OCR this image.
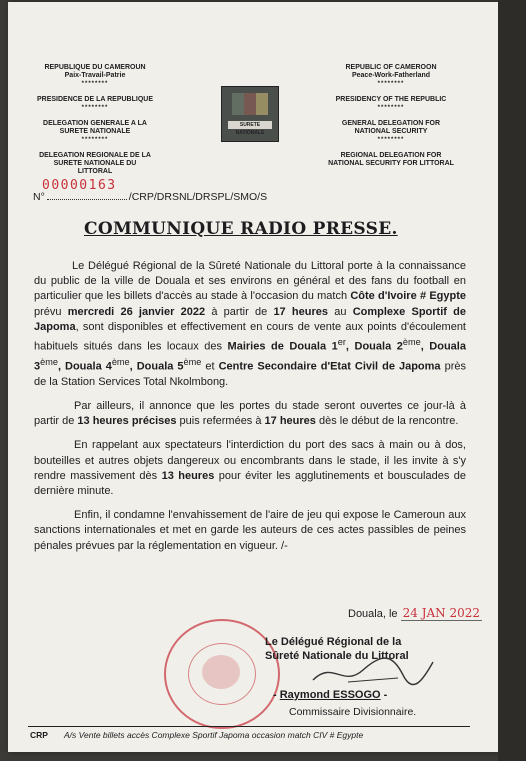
REPUBLIQUE DU CAMEROUN
Paix-Travail-Patrie
********

PRESIDENCE DE LA REPUBLIQUE
********

DELEGATION GENERALE A LA SURETE NATIONALE
********

DELEGATION REGIONALE DE LA SURETE NATIONALE DU LITTORAL

SURETE NATIONALE

REPUBLIC OF CAMEROON
Peace-Work-Fatherland
********

PRESIDENCY OF THE REPUBLIC
********

GENERAL DELEGATION FOR NATIONAL SECURITY
********

REGIONAL DELEGATION FOR NATIONAL SECURITY FOR LITTORAL

00000163
N°	/CRP/DRSNL/DRSPL/SMO/S
COMMUNIQUE RADIO PRESSE.

Le Délégué Régional de la Sûreté Nationale du Littoral porte à la connaissance du public de la ville de Douala et ses environs en général et des fans du football en particulier que les billets d'accès au stade à l'occasion du match Côte d'Ivoire # Egypte prévu mercredi 26 janvier 2022 à partir de 17 heures au Complexe Sportif de Japoma, sont disponibles et effectivement en cours de vente aux points d'écoulement habituels situés dans les locaux des Mairies de Douala 1er, Douala 2ème, Douala 3ème, Douala 4ème, Douala 5ème et Centre Secondaire d'Etat Civil de Japoma près de la Station Services Total Nkolmbong.

Par ailleurs, il annonce que les portes du stade seront ouvertes ce jour-là à partir de 13 heures précises puis refermées à 17 heures dès le début de la rencontre.

En rappelant aux spectateurs l'interdiction du port des sacs à main ou à dos, bouteilles et autres objets dangereux ou encombrants dans le stade, il les invite à s'y rendre massivement dès 13 heures pour éviter les agglutinements et bousculades de dernière minute.

Enfin, il condamne l'envahissement de l'aire de jeu qui expose le Cameroun aux sanctions internationales et met en garde les auteurs de ces actes passibles de peines pénales prévues par la réglementation en vigueur. /-

Douala, le 24 JAN 2022
Le Délégué Régional de la
Sûreté Nationale du Littoral
- Raymond ESSOGO -
Commissaire Divisionnaire.
CRP A/s Vente billets accès Complexe Sportif Japoma occasion match CIV # Egypte
